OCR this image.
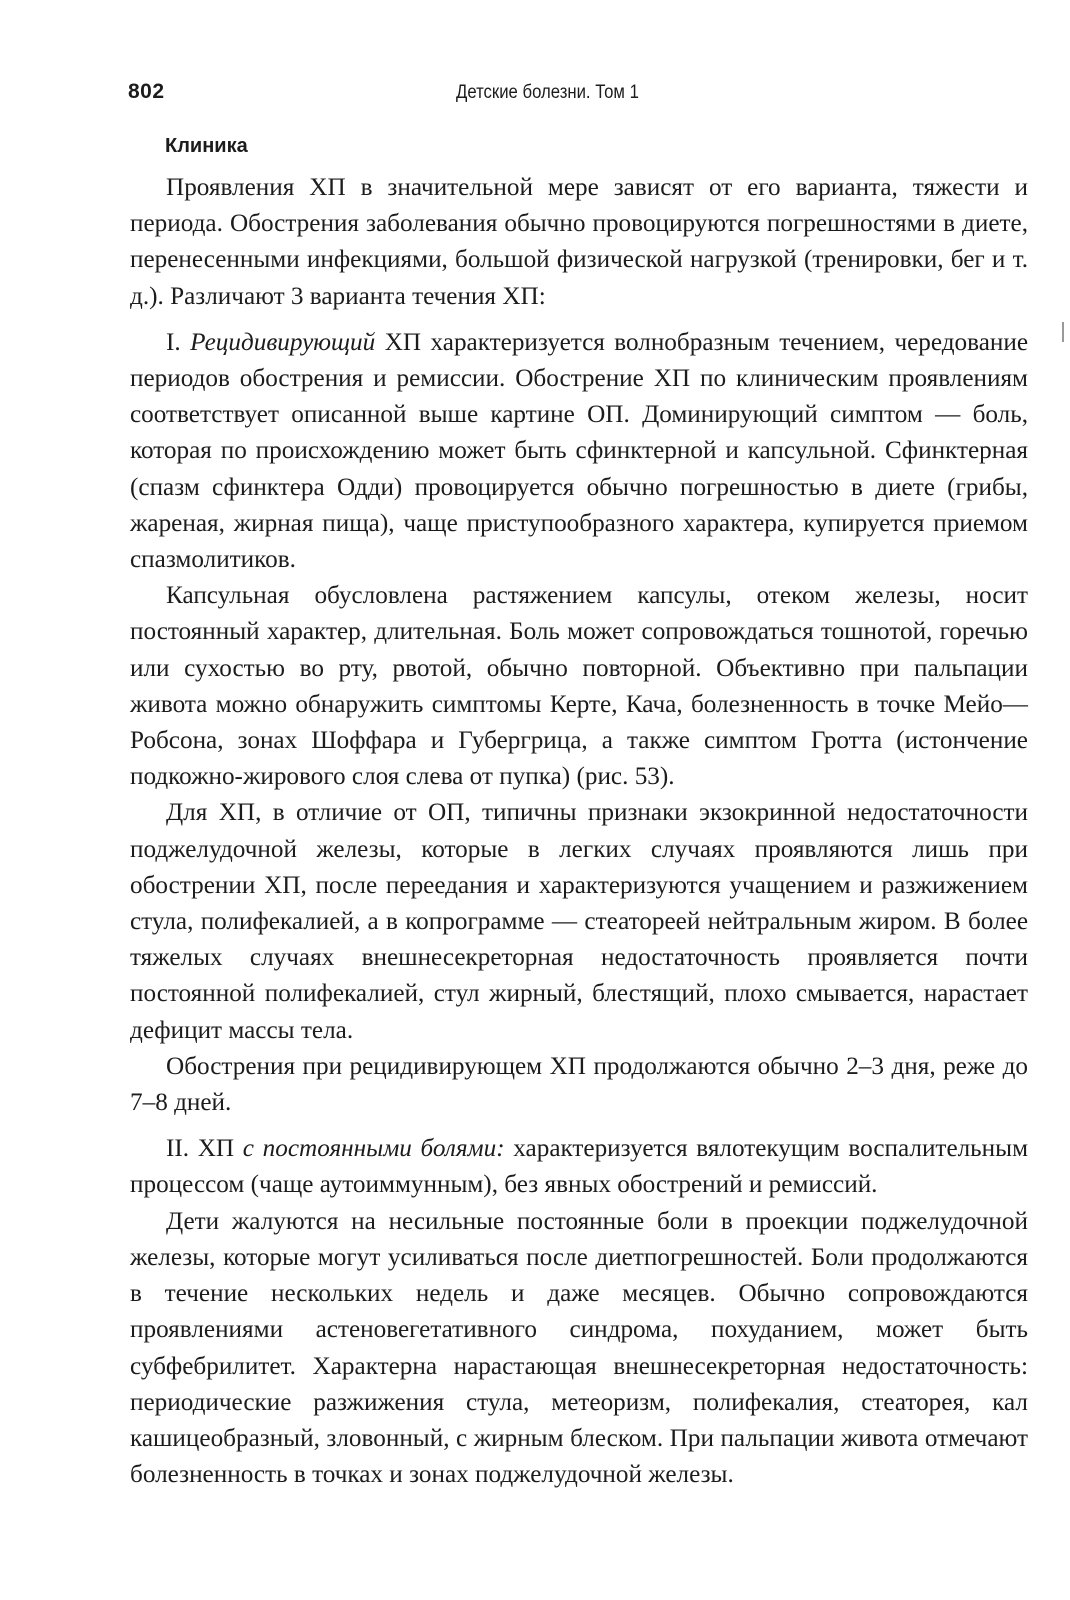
802	Детские болезни. Том 1
Клиника

Проявления ХП в значительной мере зависят от его варианта, тяжести и периода. Обострения заболевания обычно провоцируются погрешностями в диете, перенесенными инфекциями, большой физической нагрузкой (тренировки, бег и т. д.). Различают 3 варианта течения ХП:

I. Рецидивирующий ХП характеризуется волнобразным течением, чередование периодов обострения и ремиссии. Обострение ХП по клиническим проявлениям соответствует описанной выше картине ОП. Доминирующий симптом — боль, которая по происхождению может быть сфинктерной и капсульной. Сфинктерная (спазм сфинктера Одди) провоцируется обычно погрешностью в диете (грибы, жареная, жирная пища), чаще приступообразного характера, купируется приемом спазмолитиков.

Капсульная обусловлена растяжением капсулы, отеком железы, носит постоянный характер, длительная. Боль может сопровождаться тошнотой, горечью или сухостью во рту, рвотой, обычно повторной. Объективно при пальпации живота можно обнаружить симптомы Керте, Кача, болезненность в точке Мейо—Робсона, зонах Шоффара и Губергрица, а также симптом Гротта (истончение подкожно-жирового слоя слева от пупка) (рис. 53).

Для ХП, в отличие от ОП, типичны признаки экзокринной недостаточности поджелудочной железы, которые в легких случаях проявляются лишь при обострении ХП, после переедания и характеризуются учащением и разжижением стула, полифекалией, а в копрограмме — стеатореей нейтральным жиром. В более тяжелых случаях внешнесекреторная недостаточность проявляется почти постоянной полифекалией, стул жирный, блестящий, плохо смывается, нарастает дефицит массы тела.

Обострения при рецидивирующем ХП продолжаются обычно 2–3 дня, реже до 7–8 дней.

II. ХП с постоянными болями: характеризуется вялотекущим воспалительным процессом (чаще аутоиммунным), без явных обострений и ремиссий.

Дети жалуются на несильные постоянные боли в проекции поджелудочной железы, которые могут усиливаться после диетпогрешностей. Боли продолжаются в течение нескольких недель и даже месяцев. Обычно сопровождаются проявлениями астеновегетативного синдрома, похуданием, может быть субфебрилитет. Характерна нарастающая внешнесекреторная недостаточность: периодические разжижения стула, метеоризм, полифекалия, стеаторея, кал кашицеобразный, зловонный, с жирным блеском. При пальпации живота отмечают болезненность в точках и зонах поджелудочной железы.
